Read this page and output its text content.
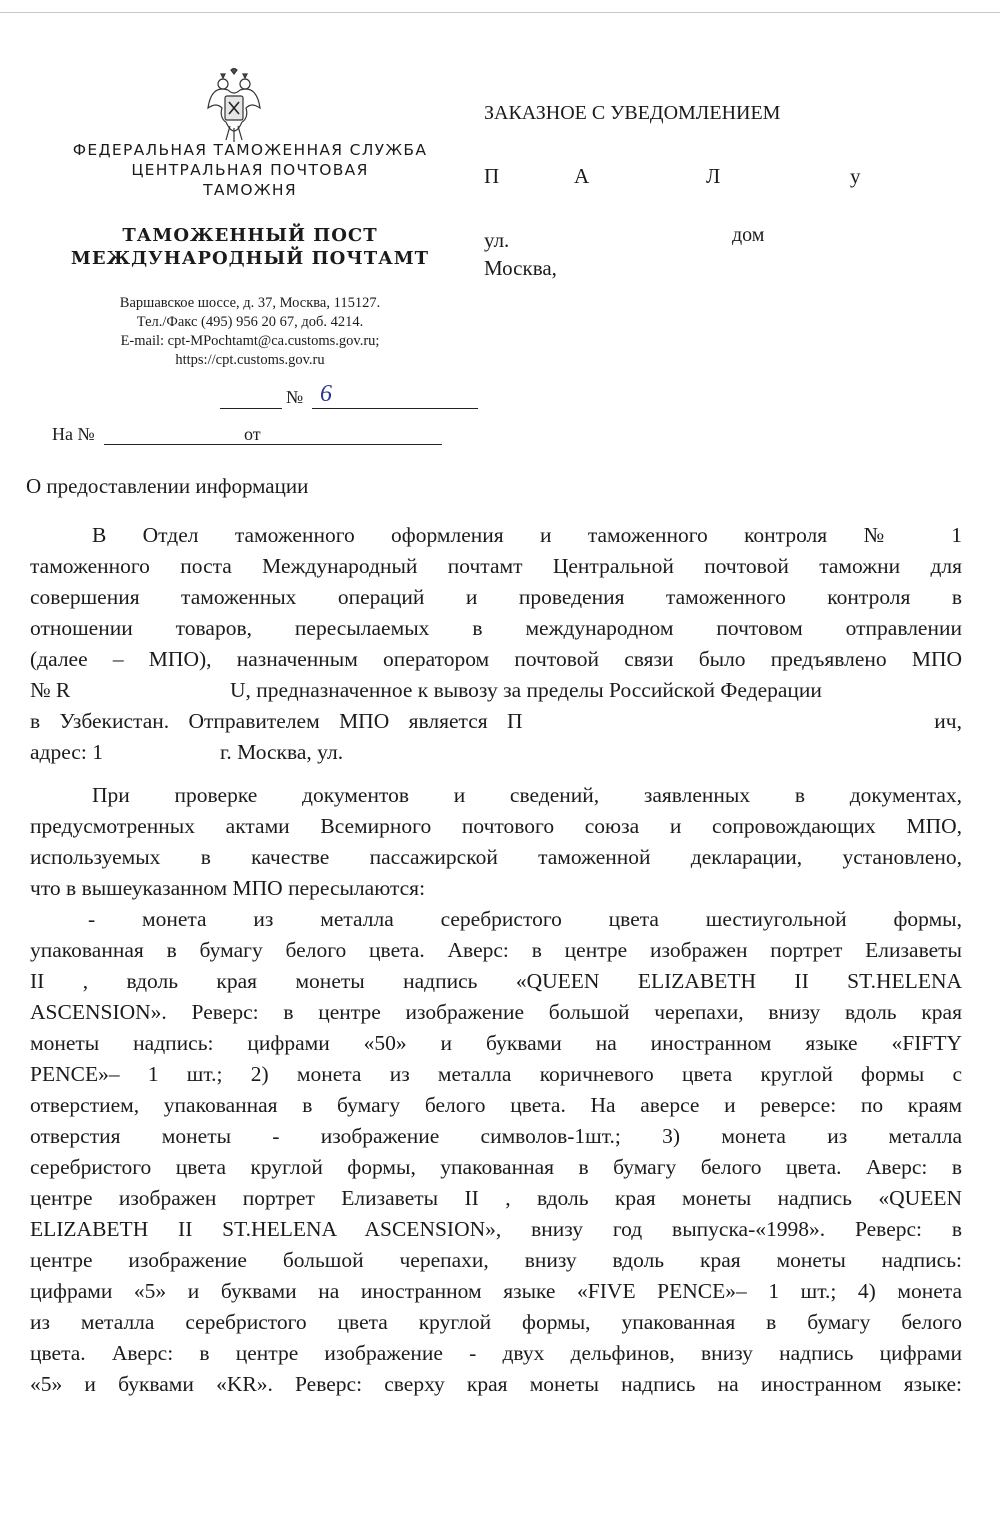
ФЕДЕРАЛЬНАЯ ТАМОЖЕННАЯ СЛУЖБА

ЦЕНТРАЛЬНАЯ ПОЧТОВАЯ

ТАМОЖНЯ

ТАМОЖЕННЫЙ ПОСТ
МЕЖДУНАРОДНЫЙ ПОЧТАМТ
Варшавское шоссе, д. 37, Москва, 115127.
Тел./Факс (495) 956 20 67, доб. 4214.
E-mail: cpt-MPochtamt@ca.customs.gov.ru;
https://cpt.customs.gov.ru
№ 6
На №	от
ЗАКАЗНОЕ С УВЕДОМЛЕНИЕМ
П	А	Л	у
ул.	дом
Москва,
О предоставлении информации

В Отдел таможенного оформления и таможенного контроля № 1
таможенного поста Международный почтамт Центральной почтовой таможни для
совершения таможенных операций и проведения таможенного контроля в
отношении товаров, пересылаемых в международном почтовом отправлении
(далее – МПО), назначенным оператором почтовой связи было предъявлено МПО
№ R	U, предназначенное к вывозу за пределы Российской Федерации
в Узбекистан. Отправителем МПО является П	ич,
адрес: 1	г. Москва, ул.

При проверке документов и сведений, заявленных в документах,
предусмотренных актами Всемирного почтового союза и сопровождающих МПО,
используемых в качестве пассажирской таможенной декларации, установлено,
что в вышеуказанном МПО пересылаются:

- монета из металла серебристого цвета шестиугольной формы,
упакованная в бумагу белого цвета. Аверс: в центре изображен портрет Елизаветы
II , вдоль края монеты надпись «QUEEN ELIZABETH II ST.HELENA
ASCENSION». Реверс: в центре изображение большой черепахи, внизу вдоль края
монеты надпись: цифрами «50» и буквами на иностранном языке «FIFTY
PENCE»– 1 шт.; 2) монета из металла коричневого цвета круглой формы с
отверстием, упакованная в бумагу белого цвета. На аверсе и реверсе: по краям
отверстия монеты - изображение символов-1шт.; 3) монета из металла
серебристого цвета круглой формы, упакованная в бумагу белого цвета. Аверс: в
центре изображен портрет Елизаветы II , вдоль края монеты надпись «QUEEN
ELIZABETH II ST.HELENA ASCENSION», внизу год выпуска-«1998». Реверс: в
центре изображение большой черепахи, внизу вдоль края монеты надпись:
цифрами «5» и буквами на иностранном языке «FIVE PENCE»– 1 шт.; 4) монета
из металла серебристого цвета круглой формы, упакованная в бумагу белого
цвета. Аверс: в центре изображение - двух дельфинов, внизу надпись цифрами
«5» и буквами «KR». Реверс: сверху края монеты надпись на иностранном языке:
